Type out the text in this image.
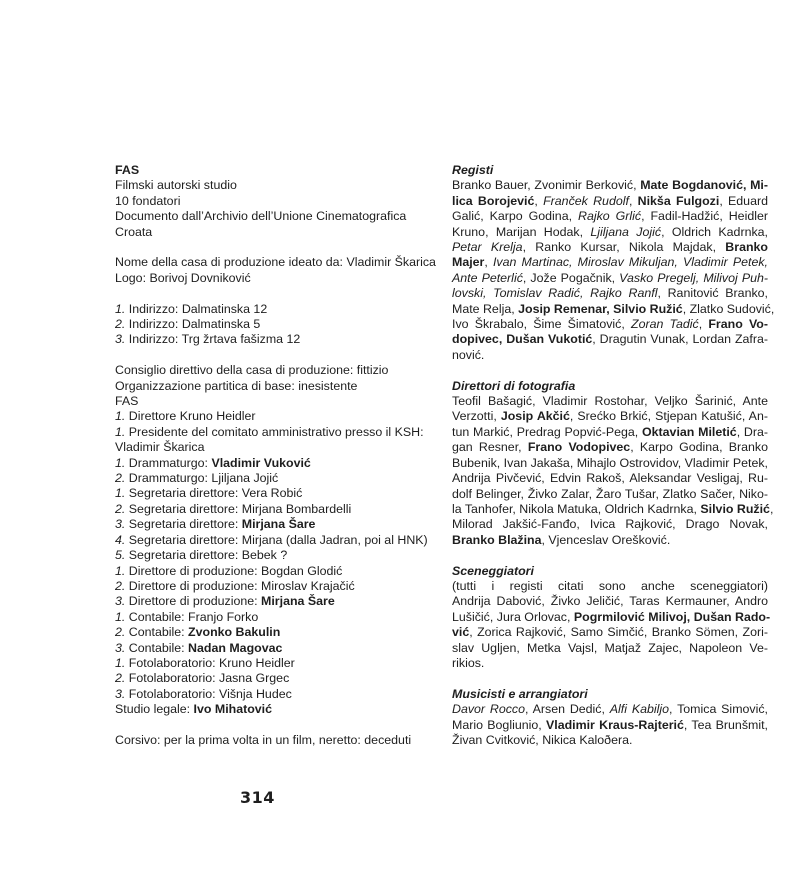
FAS
Filmski autorski studio
10 fondatori
Documento dall’Archivio dell’Unione Cinematografica
Croata
Nome della casa di produzione ideato da: Vladimir Škarica
Logo: Borivoj Dovniković
1. Indirizzo: Dalmatinska 12
2. Indirizzo: Dalmatinska 5
3. Indirizzo: Trg žrtava fašizma 12
Consiglio direttivo della casa di produzione: fittizio
Organizzazione partitica di base: inesistente
FAS
1. Direttore Kruno Heidler
1. Presidente del comitato amministrativo presso il KSH:
Vladimir Škarica
1. Drammaturgo: Vladimir Vuković
2. Drammaturgo: Ljiljana Jojić
1. Segretaria direttore: Vera Robić
2. Segretaria direttore: Mirjana Bombardelli
3. Segretaria direttore: Mirjana Šare
4. Segretaria direttore: Mirjana (dalla Jadran, poi al HNK)
5. Segretaria direttore: Bebek ?
1. Direttore di produzione: Bogdan Glodić
2. Direttore di produzione: Miroslav Krajačić
3. Direttore di produzione: Mirjana Šare
1. Contabile: Franjo Forko
2. Contabile: Zvonko Bakulin
3. Contabile: Nadan Magovac
1. Fotolaboratorio: Kruno Heidler
2. Fotolaboratorio: Jasna Grgec
3. Fotolaboratorio: Višnja Hudec
Studio legale: Ivo Mihatović
Corsivo: per la prima volta in un film, neretto: deceduti
Registi
Branko Bauer, Zvonimir Berković, Mate Bogdanović, Mi-
lica Borojević, Franček Rudolf, Nikša Fulgozi, Eduard
Galić, Karpo Godina, Rajko Grlić, Fadil-Hadžić, Heidler
Kruno, Marijan Hodak, Ljiljana Jojić, Oldrich Kadrnka,
Petar Krelja, Ranko Kursar, Nikola Majdak, Branko
Majer, Ivan Martinac, Miroslav Mikuljan, Vladimir Petek,
Ante Peterlić, Jože Pogačnik, Vasko Pregelj, Milivoj Puh-
lovski, Tomislav Radić, Rajko Ranfl, Ranitović Branko,
Mate Relja, Josip Remenar, Silvio Ružić, Zlatko Sudović,
Ivo Škrabalo, Šime Šimatović, Zoran Tadić, Frano Vo-
dopivec, Dušan Vukotić, Dragutin Vunak, Lordan Zafra-
nović.
Direttori di fotografia
Teofil Bašagić, Vladimir Rostohar, Veljko Šarinić, Ante
Verzotti, Josip Akčić, Srećko Brkić, Stjepan Katušić, An-
tun Markić, Predrag Popvić-Pega, Oktavian Miletić, Dra-
gan Resner, Frano Vodopivec, Karpo Godina, Branko
Bubenik, Ivan Jakaša, Mihajlo Ostrovidov, Vladimir Petek,
Andrija Pivčević, Edvin Rakoš, Aleksandar Vesligaj, Ru-
dolf Belinger, Živko Zalar, Žaro Tušar, Zlatko Sačer, Niko-
la Tanhofer, Nikola Matuka, Oldrich Kadrnka, Silvio Ružić,
Milorad Jakšić-Fanđo, Ivica Rajković, Drago Novak,
Branko Blažina, Vjenceslav Orešković.
Sceneggiatori
(tutti i registi citati sono anche sceneggiatori)
Andrija Dabović, Živko Jeličić, Taras Kermauner, Andro
Lušičić, Jura Orlovac, Pogrmilović Milivoj, Dušan Rado-
vić, Zorica Rajković, Samo Simčić, Branko Sömen, Zori-
slav Ugljen, Metka Vajsl, Matjaž Zajec, Napoleon Ve-
rikios.
Musicisti e arrangiatori
Davor Rocco, Arsen Dedić, Alfi Kabiljo, Tomica Simović,
Mario Bogliunio, Vladimir Kraus-Rajterić, Tea Brunšmit,
Živan Cvitković, Nikica Kaloðera.
314
